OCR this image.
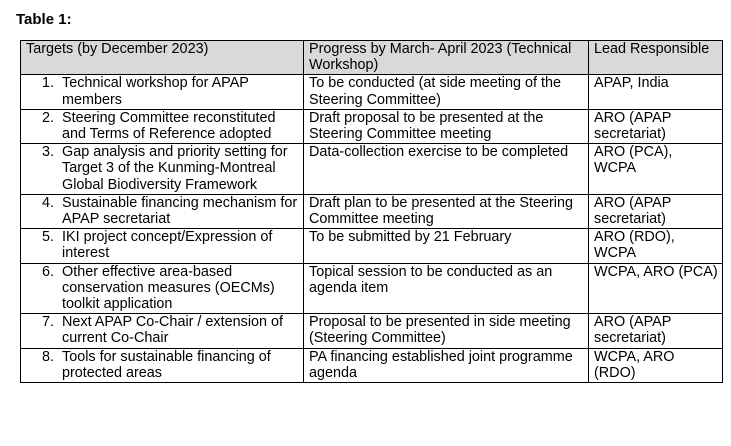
Table 1:
Targets (by December 2023)	Progress by March- April 2023 (Technical Workshop)	Lead Responsible

1. Technical workshop for APAP members	To be conducted (at side meeting of the Steering Committee)	APAP, India

2. Steering Committee reconstituted and Terms of Reference adopted	Draft proposal to be presented at the Steering Committee meeting	ARO (APAP secretariat)

3. Gap analysis and priority setting for Target 3 of the Kunming-Montreal Global Biodiversity Framework	Data-collection exercise to be completed	ARO (PCA), WCPA

4. Sustainable financing mechanism for APAP secretariat	Draft plan to be presented at the Steering Committee meeting	ARO (APAP secretariat)

5. IKI project concept/Expression of interest	To be submitted by 21 February	ARO (RDO), WCPA

6. Other effective area-based conservation measures (OECMs) toolkit application	Topical session to be conducted as an agenda item	WCPA, ARO (PCA)

7. Next APAP Co-Chair / extension of current Co-Chair	Proposal to be presented in side meeting (Steering Committee)	ARO (APAP secretariat)

8. Tools for sustainable financing of protected areas	PA financing established joint programme agenda	WCPA, ARO (RDO)
